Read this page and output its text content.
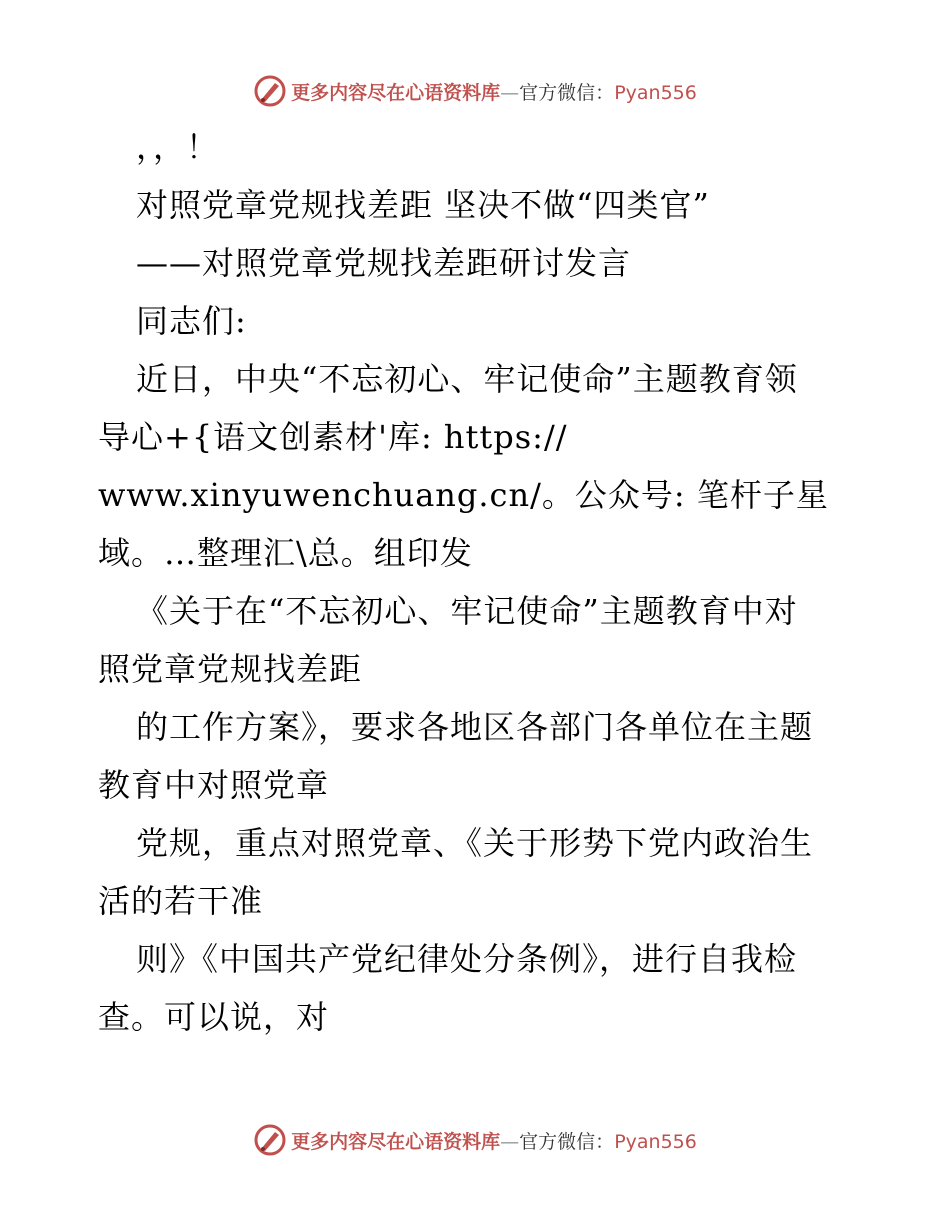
更多内容尽在心语资料库—官方微信：Pyan556
，，！
对照党章党规找差距 坚决不做“四类官”
——对照党章党规找差距研讨发言
同志们:
近日，中央“不忘初心、牢记使命”主题教育领
导心+{语文创素材'库: https://
www.xinyuwenchuang.cn/。公众号: 笔杆子星
域。…整理汇\总。组印发
《关于在“不忘初心、牢记使命”主题教育中对
照党章党规找差距
的工作方案》，要求各地区各部门各单位在主题
教育中对照党章
党规，重点对照党章、《关于形势下党内政治生
活的若干准
则》《中国共产党纪律处分条例》，进行自我检
查。可以说，对
更多内容尽在心语资料库—官方微信：Pyan556
